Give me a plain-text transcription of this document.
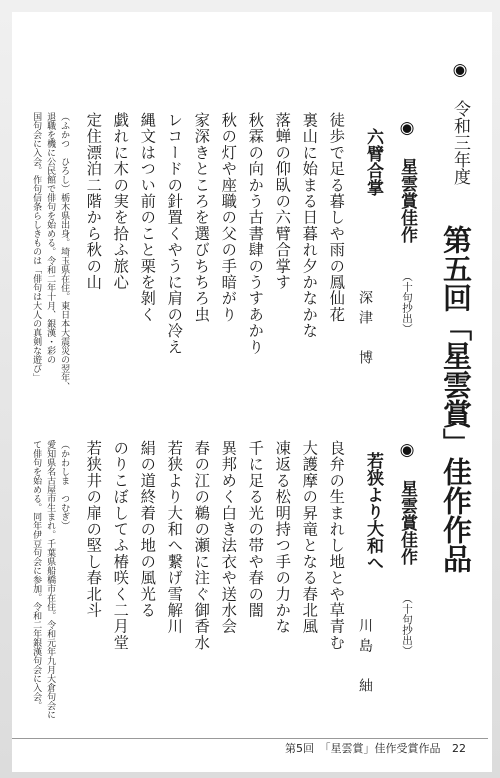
◉ 令和三年度
第五回「星雲賞」佳作作品
◉ 星雲賞佳作 （十句抄出）
若狭より大和へ
川島　紬
良弁の生まれし地とや草青む
大護摩の昇竜となる春北風
凍返る松明持つ手の力かな
千に足る光の帯や春の闇
異邦めく白き法衣や送水会
春の江の鵜の瀬に注ぐ御香水
若狭より大和へ繋げ雪解川
絹の道終着の地の風光る
のりこぼしてふ椿咲く二月堂
若狭井の扉の堅し春北斗
（かわしま　つむぎ）
愛知県名古屋市生まれ。千葉県船橋市在住。令和元年九月大倉句会に
て俳句を始める。同年伊豆句会に参加。令和二年銀漢句会に入会。
◉ 星雲賞佳作 （十句抄出）
六臂合掌
深津　博
徒歩で足る暮しや雨の鳳仙花
裏山に始まる日暮れ夕かなかな
落蝉の仰臥の六臂合掌す
秋霖の向かう古書肆のうすあかり
秋の灯や座職の父の手暗がり
家深きところを選びちちろ虫
レコードの針置くやうに肩の冷え
縄文はつい前のこと栗を剝く
戯れに木の実を拾ふ旅心
定住漂泊二階から秋の山
（ふかつ　ひろし）栃木県出身。埼玉県在住。東日本大震災の翌年、
退職を機に公民館で俳句を始める。令和二年十月、銀漢・彩の
国句会に入会。作句信条らしきものは「俳句は大人の真剣な遊び」
第5回　「星雲賞」佳作受賞作品 22
